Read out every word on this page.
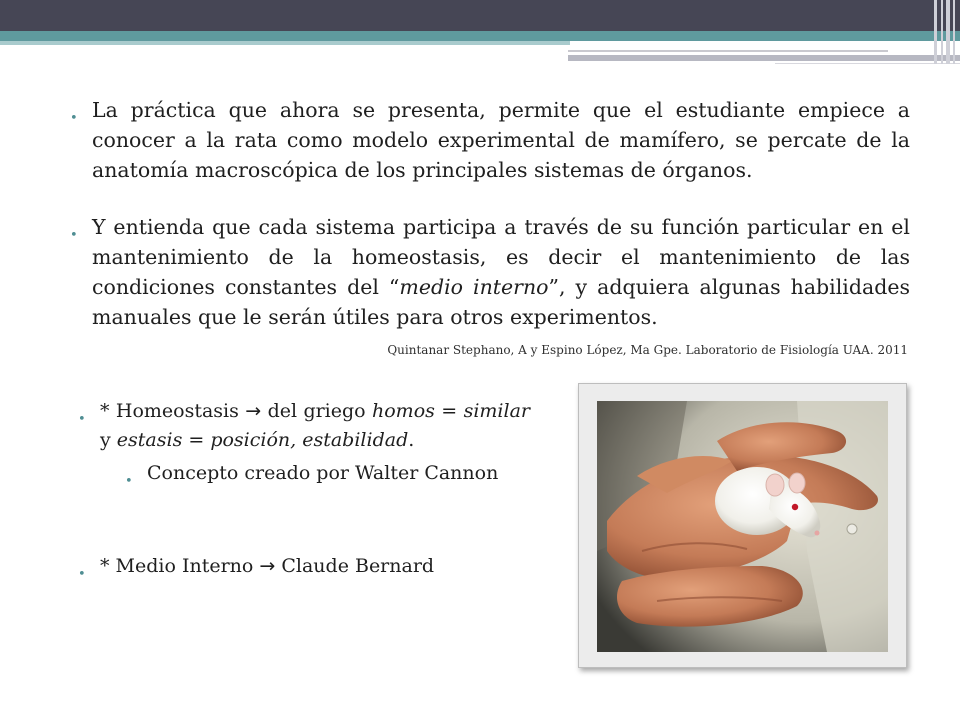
• La práctica que ahora se presenta, permite que el estudiante empiece a conocer a la rata como modelo experimental de mamífero, se percate de la anatomía macroscópica de los principales sistemas de órganos.
• Y entienda que cada sistema participa a través de su función particular en el mantenimiento de la homeostasis, es decir el mantenimiento de las condiciones constantes del “medio interno”, y adquiera algunas habilidades manuales que le serán útiles para otros experimentos.
Quintanar Stephano, A y Espino López, Ma Gpe. Laboratorio de Fisiología UAA. 2011
• * Homeostasis → del griego homos = similar y estasis = posición, estabilidad.
• Concepto creado por Walter Cannon
• * Medio Interno → Claude Bernard
